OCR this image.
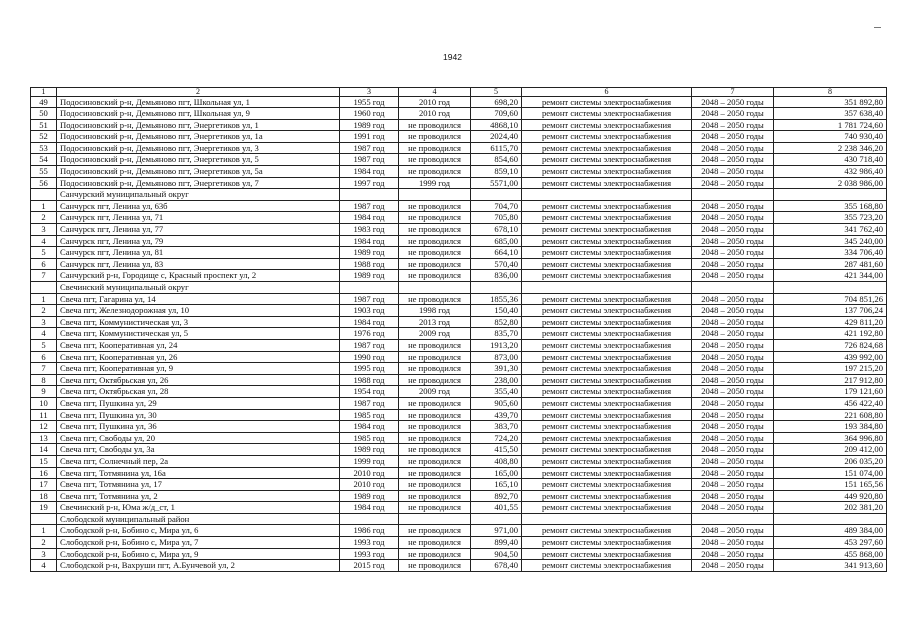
1942
1	2	3	4	5	6	7	8
49	Подосиновский р-н, Демьяново пгт, Школьная ул, 1	1955 год	2010 год	698,20	ремонт системы электроснабжения	2048 – 2050 годы	351 892,80
50	Подосиновский р-н, Демьяново пгт, Школьная ул, 9	1960 год	2010 год	709,60	ремонт системы электроснабжения	2048 – 2050 годы	357 638,40
51	Подосиновский р-н, Демьяново пгт, Энергетиков ул, 1	1989 год	не проводился	4868,10	ремонт системы электроснабжения	2048 – 2050 годы	1 781 724,60
52	Подосиновский р-н, Демьяново пгт, Энергетиков ул, 1а	1991 год	не проводился	2024,40	ремонт системы электроснабжения	2048 – 2050 годы	740 930,40
53	Подосиновский р-н, Демьяново пгт, Энергетиков ул, 3	1987 год	не проводился	6115,70	ремонт системы электроснабжения	2048 – 2050 годы	2 238 346,20
54	Подосиновский р-н, Демьяново пгт, Энергетиков ул, 5	1987 год	не проводился	854,60	ремонт системы электроснабжения	2048 – 2050 годы	430 718,40
55	Подосиновский р-н, Демьяново пгт, Энергетиков ул, 5а	1984 год	не проводился	859,10	ремонт системы электроснабжения	2048 – 2050 годы	432 986,40
56	Подосиновский р-н, Демьяново пгт, Энергетиков ул, 7	1997 год	1999 год	5571,00	ремонт системы электроснабжения	2048 – 2050 годы	2 038 986,00
	Санчурский муниципальный округ						
1	Санчурск пгт, Ленина ул, 63б	1987 год	не проводился	704,70	ремонт системы электроснабжения	2048 – 2050 годы	355 168,80
2	Санчурск пгт, Ленина ул, 71	1984 год	не проводился	705,80	ремонт системы электроснабжения	2048 – 2050 годы	355 723,20
3	Санчурск пгт, Ленина ул, 77	1983 год	не проводился	678,10	ремонт системы электроснабжения	2048 – 2050 годы	341 762,40
4	Санчурск пгт, Ленина ул, 79	1984 год	не проводился	685,00	ремонт системы электроснабжения	2048 – 2050 годы	345 240,00
5	Санчурск пгт, Ленина ул, 81	1989 год	не проводился	664,10	ремонт системы электроснабжения	2048 – 2050 годы	334 706,40
6	Санчурск пгт, Ленина ул, 83	1988 год	не проводился	570,40	ремонт системы электроснабжения	2048 – 2050 годы	287 481,60
7	Санчурский р-н, Городище с, Красный проспект ул, 2	1989 год	не проводился	836,00	ремонт системы электроснабжения	2048 – 2050 годы	421 344,00
	Свечинский муниципальный округ						
1	Свеча пгт, Гагарина ул, 14	1987 год	не проводился	1855,36	ремонт системы электроснабжения	2048 – 2050 годы	704 851,26
2	Свеча пгт, Железнодорожная ул, 10	1903 год	1998 год	150,40	ремонт системы электроснабжения	2048 – 2050 годы	137 706,24
3	Свеча пгт, Коммунистическая ул, 3	1984 год	2013 год	852,80	ремонт системы электроснабжения	2048 – 2050 годы	429 811,20
4	Свеча пгт, Коммунистическая ул, 5	1976 год	2009 год	835,70	ремонт системы электроснабжения	2048 – 2050 годы	421 192,80
5	Свеча пгт, Кооперативная ул, 24	1987 год	не проводился	1913,20	ремонт системы электроснабжения	2048 – 2050 годы	726 824,68
6	Свеча пгт, Кооперативная ул, 26	1990 год	не проводился	873,00	ремонт системы электроснабжения	2048 – 2050 годы	439 992,00
7	Свеча пгт, Кооперативная ул, 9	1995 год	не проводился	391,30	ремонт системы электроснабжения	2048 – 2050 годы	197 215,20
8	Свеча пгт, Октябрьская ул, 26	1988 год	не проводился	238,00	ремонт системы электроснабжения	2048 – 2050 годы	217 912,80
9	Свеча пгт, Октябрьская ул, 28	1954 год	2009 год	355,40	ремонт системы электроснабжения	2048 – 2050 годы	179 121,60
10	Свеча пгт, Пушкина ул, 29	1987 год	не проводился	905,60	ремонт системы электроснабжения	2048 – 2050 годы	456 422,40
11	Свеча пгт, Пушкина ул, 30	1985 год	не проводился	439,70	ремонт системы электроснабжения	2048 – 2050 годы	221 608,80
12	Свеча пгт, Пушкина ул, 36	1984 год	не проводился	383,70	ремонт системы электроснабжения	2048 – 2050 годы	193 384,80
13	Свеча пгт, Свободы ул, 20	1985 год	не проводился	724,20	ремонт системы электроснабжения	2048 – 2050 годы	364 996,80
14	Свеча пгт, Свободы ул, 3а	1989 год	не проводился	415,50	ремонт системы электроснабжения	2048 – 2050 годы	209 412,00
15	Свеча пгт, Солнечный пер, 2а	1999 год	не проводился	408,80	ремонт системы электроснабжения	2048 – 2050 годы	206 035,20
16	Свеча пгт, Тотмянина ул, 16а	2010 год	не проводился	165,00	ремонт системы электроснабжения	2048 – 2050 годы	151 074,00
17	Свеча пгт, Тотмянина ул, 17	2010 год	не проводился	165,10	ремонт системы электроснабжения	2048 – 2050 годы	151 165,56
18	Свеча пгт, Тотмянина ул, 2	1989 год	не проводился	892,70	ремонт системы электроснабжения	2048 – 2050 годы	449 920,80
19	Свечинский р-н, Юма ж/д_ст, 1	1984 год	не проводился	401,55	ремонт системы электроснабжения	2048 – 2050 годы	202 381,20
	Слободской муниципальный район						
1	Слободской р-н, Бобино с, Мира ул, 6	1986 год	не проводился	971,00	ремонт системы электроснабжения	2048 – 2050 годы	489 384,00
2	Слободской р-н, Бобино с, Мира ул, 7	1993 год	не проводился	899,40	ремонт системы электроснабжения	2048 – 2050 годы	453 297,60
3	Слободской р-н, Бобино с, Мира ул, 9	1993 год	не проводился	904,50	ремонт системы электроснабжения	2048 – 2050 годы	455 868,00
4	Слободской р-н, Вахруши пгт, А.Бунчевой ул, 2	2015 год	не проводился	678,40	ремонт системы электроснабжения	2048 – 2050 годы	341 913,60
